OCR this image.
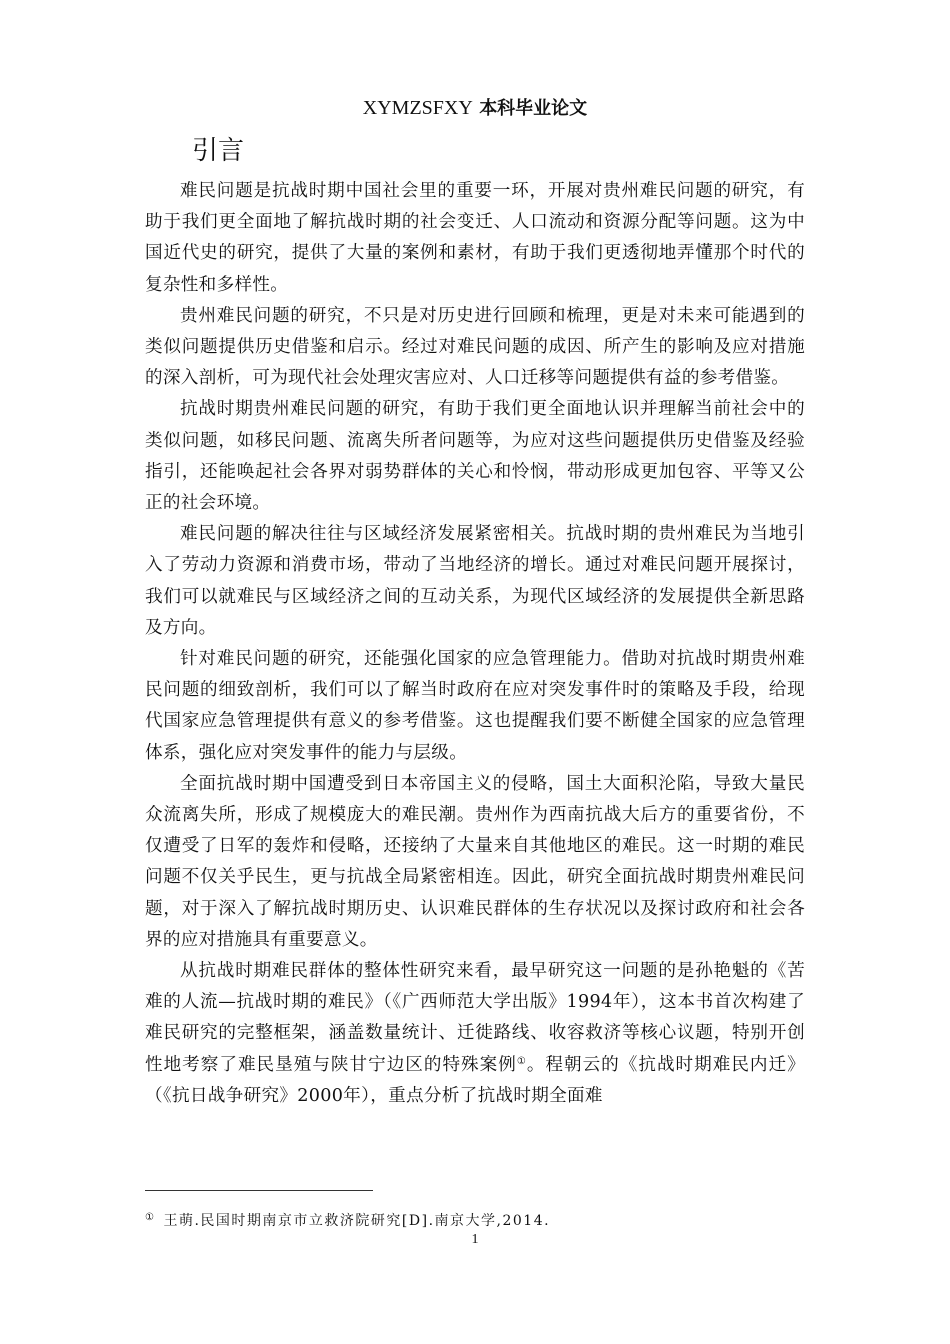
XYMZSFXY 本科毕业论文
引言

难民问题是抗战时期中国社会里的重要一环，开展对贵州难民问题的研究，有助于我们更全面地了解抗战时期的社会变迁、人口流动和资源分配等问题。这为中国近代史的研究，提供了大量的案例和素材，有助于我们更透彻地弄懂那个时代的复杂性和多样性。

贵州难民问题的研究，不只是对历史进行回顾和梳理，更是对未来可能遇到的类似问题提供历史借鉴和启示。经过对难民问题的成因、所产生的影响及应对措施的深入剖析，可为现代社会处理灾害应对、人口迁移等问题提供有益的参考借鉴。

抗战时期贵州难民问题的研究，有助于我们更全面地认识并理解当前社会中的类似问题，如移民问题、流离失所者问题等，为应对这些问题提供历史借鉴及经验指引，还能唤起社会各界对弱势群体的关心和怜悯，带动形成更加包容、平等又公正的社会环境。

难民问题的解决往往与区域经济发展紧密相关。抗战时期的贵州难民为当地引入了劳动力资源和消费市场，带动了当地经济的增长。通过对难民问题开展探讨，我们可以就难民与区域经济之间的互动关系，为现代区域经济的发展提供全新思路及方向。

针对难民问题的研究，还能强化国家的应急管理能力。借助对抗战时期贵州难民问题的细致剖析，我们可以了解当时政府在应对突发事件时的策略及手段，给现代国家应急管理提供有意义的参考借鉴。这也提醒我们要不断健全国家的应急管理体系，强化应对突发事件的能力与层级。

全面抗战时期中国遭受到日本帝国主义的侵略，国土大面积沦陷，导致大量民众流离失所，形成了规模庞大的难民潮。贵州作为西南抗战大后方的重要省份，不仅遭受了日军的轰炸和侵略，还接纳了大量来自其他地区的难民。这一时期的难民问题不仅关乎民生，更与抗战全局紧密相连。因此，研究全面抗战时期贵州难民问题，对于深入了解抗战时期历史、认识难民群体的生存状况以及探讨政府和社会各界的应对措施具有重要意义。

从抗战时期难民群体的整体性研究来看，最早研究这一问题的是孙艳魁的《苦难的人流—抗战时期的难民》（《广西师范大学出版》1994年），这本书首次构建了难民研究的完整框架，涵盖数量统计、迁徙路线、收容救济等核心议题，特别开创性地考察了难民垦殖与陕甘宁边区的特殊案例①。程朝云的《抗战时期难民内迁》（《抗日战争研究》2000年），重点分析了抗战时期全面难

① 王萌.民国时期南京市立救济院研究[D].南京大学,2014.
1
